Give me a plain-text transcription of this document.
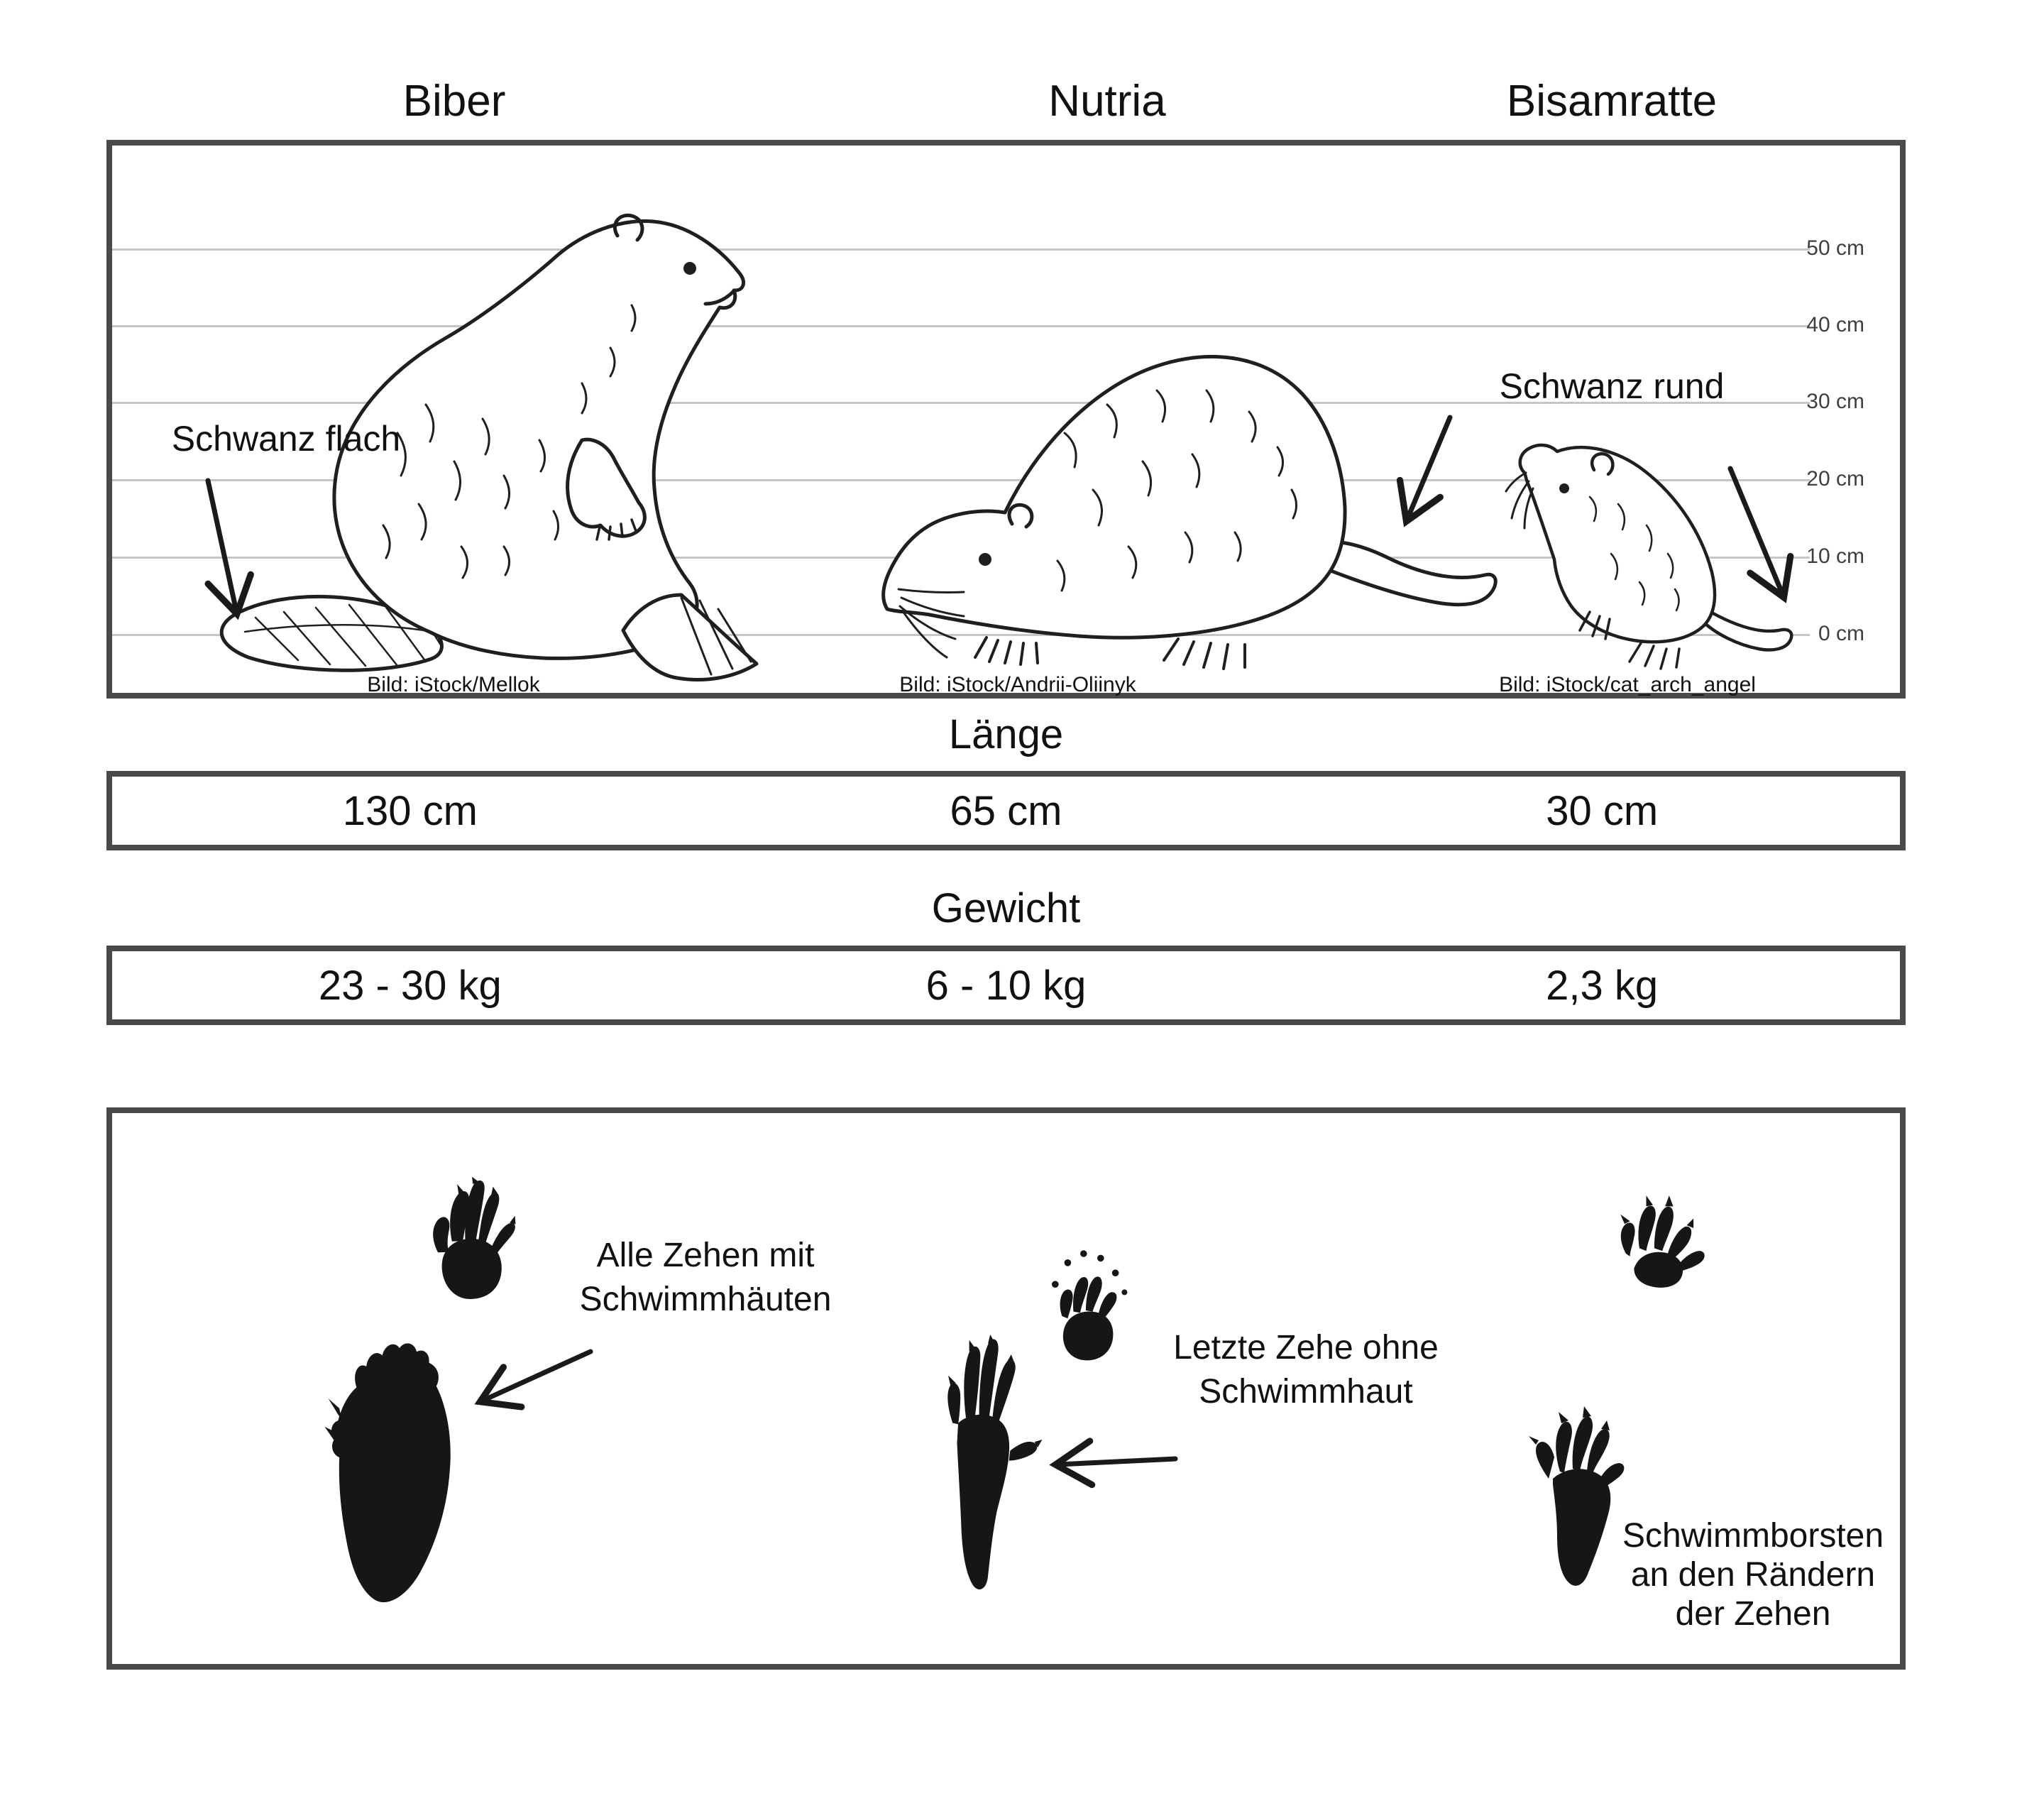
Biber	Nutria	Bisamratte
50 cm
40 cm
30 cm
20 cm
10 cm
0 cm
Schwanz flach
Schwanz rund
Bild: iStock/Mellok	Bild: iStock/Andrii-Oliinyk	Bild: iStock/cat_arch_angel
Länge
130 cm	65 cm	30 cm
Gewicht
23 - 30 kg	6 - 10 kg	2,3 kg
Alle Zehen mit
Schwimmhäuten
Letzte Zehe ohne
Schwimmhaut
Schwimmborsten
an den Rändern
der Zehen
